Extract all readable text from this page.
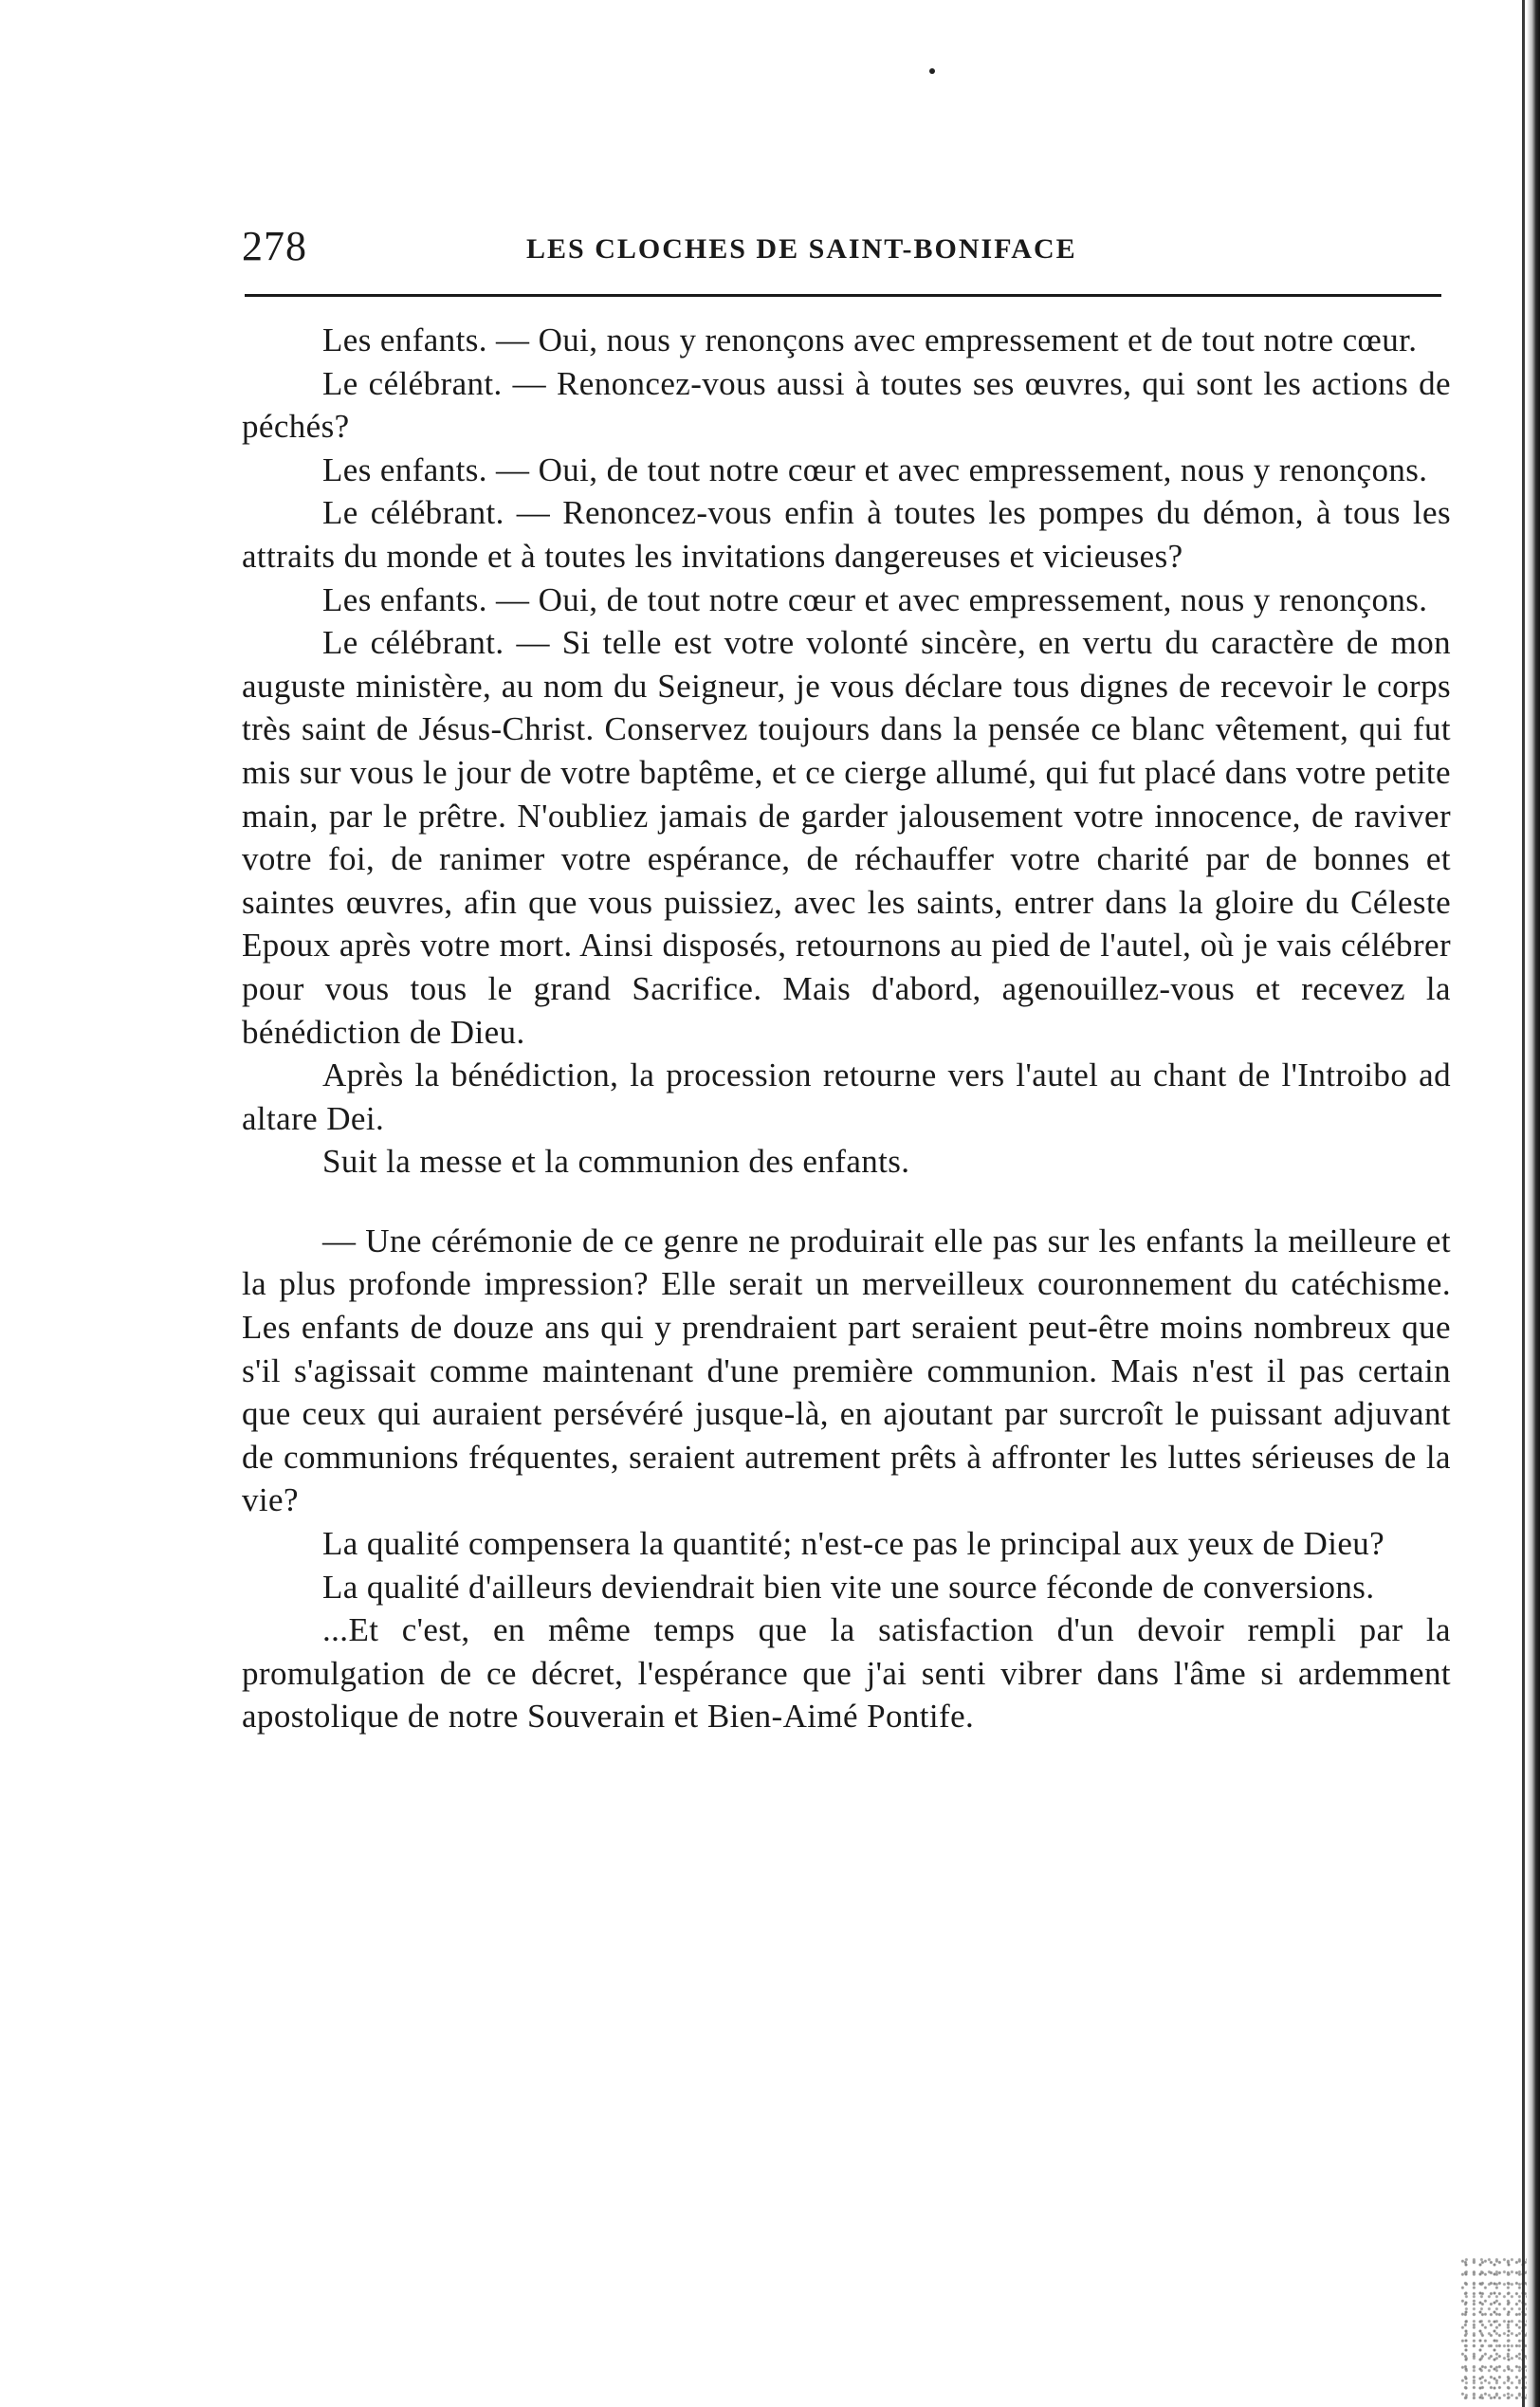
278	LES CLOCHES DE SAINT-BONIFACE

Les enfants. — Oui, nous y renonçons avec empressement et de tout notre cœur.

Le célébrant. — Renoncez-vous aussi à toutes ses œuvres, qui sont les actions de péchés?

Les enfants. — Oui, de tout notre cœur et avec empressement, nous y renonçons.

Le célébrant. — Renoncez-vous enfin à toutes les pompes du démon, à tous les attraits du monde et à toutes les invitations dangereuses et vicieuses?

Les enfants. — Oui, de tout notre cœur et avec empressement, nous y renonçons.

Le célébrant. — Si telle est votre volonté sincère, en vertu du caractère de mon auguste ministère, au nom du Seigneur, je vous déclare tous dignes de recevoir le corps très saint de Jésus-Christ. Conservez toujours dans la pensée ce blanc vêtement, qui fut mis sur vous le jour de votre baptême, et ce cierge allumé, qui fut placé dans votre petite main, par le prêtre. N'oubliez jamais de garder jalousement votre innocence, de raviver votre foi, de ranimer votre espérance, de réchauffer votre charité par de bonnes et saintes œuvres, afin que vous puissiez, avec les saints, entrer dans la gloire du Céleste Epoux après votre mort. Ainsi disposés, retournons au pied de l'autel, où je vais célébrer pour vous tous le grand Sacrifice. Mais d'abord, agenouillez-vous et recevez la bénédiction de Dieu.

Après la bénédiction, la procession retourne vers l'autel au chant de l'Introibo ad altare Dei.

Suit la messe et la communion des enfants.

— Une cérémonie de ce genre ne produirait elle pas sur les enfants la meilleure et la plus profonde impression? Elle serait un merveilleux couronnement du catéchisme. Les enfants de douze ans qui y prendraient part seraient peut-être moins nombreux que s'il s'agissait comme maintenant d'une première communion. Mais n'est il pas certain que ceux qui auraient persévéré jusque-là, en ajoutant par surcroît le puissant adjuvant de communions fréquentes, seraient autrement prêts à affronter les luttes sérieuses de la vie?

La qualité compensera la quantité; n'est-ce pas le principal aux yeux de Dieu?

La qualité d'ailleurs deviendrait bien vite une source féconde de conversions.

...Et c'est, en même temps que la satisfaction d'un devoir rempli par la promulgation de ce décret, l'espérance que j'ai senti vibrer dans l'âme si ardemment apostolique de notre Souverain et Bien-Aimé Pontife.
